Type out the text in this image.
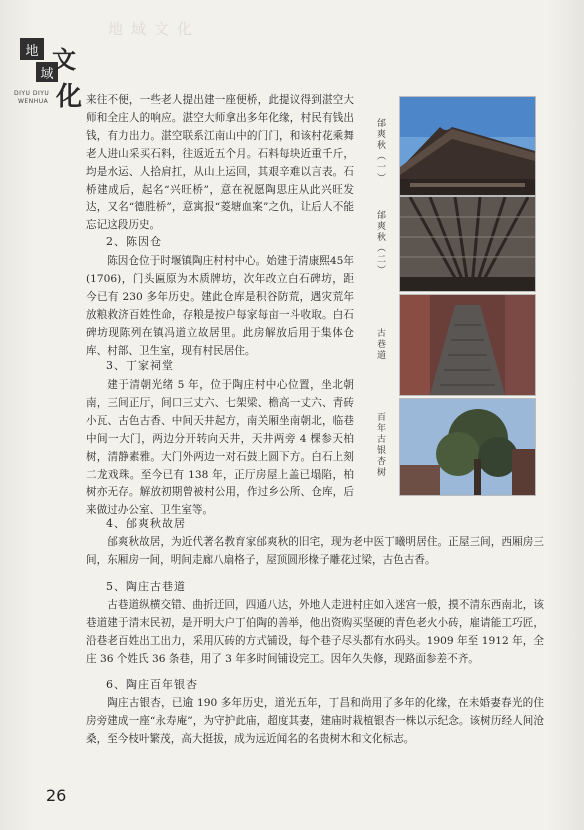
地域文化
地
域
文
化
DIYU DIYU
WENHUA	来往不便，一些老人提出建一座便桥，此提议得到湛空大师和全庄人的响应。湛空大师拿出多年化缘，村民有钱出钱，有力出力。湛空联系江南山中的门门，和该村花乘舞老人进山采买石料，往返近五个月。石料每块近重千斤，均是水运、人拾肩扛，从山上运回，其艰辛难以言表。石桥建成后，起名“兴旺桥”，意在祝愿陶思庄从此兴旺发达，又名“德胜桥”，意寓报“菱塘血案”之仇，让后人不能忘记这段历史。

2、陈因仓

陈因仓位于时堰镇陶庄村村中心。始建于清康熙45年(1706)，门头匾原为木质牌坊，次年改立白石碑坊，距今已有 230 多年历史。建此仓库是积谷防荒，遇灾荒年放粮救济百姓性命，存粮是按户每家每亩一斗收取。白石碑坊现陈列在镇冯道立故居里。此房解放后用于集体仓库、村部、卫生室，现有村民居住。

3、丁家祠堂

建于清朝光绪 5 年，位于陶庄村中心位置，坐北朝南，三间正厅，间口三丈六、七架梁、檐高一丈六、青砖小瓦、古色古香、中间天井起方，南关厢坐南朝北，临巷中间一大门，两边分开转向天井，天井两旁 4 棵参天柏树，清静素雅。大门外两边一对石鼓上圆下方。白石上刻二龙戏珠。至今已有 138 年，正厅房屋上盖已塌陷，柏树亦无存。解放初期曾被村公用，作过乡公所、仓库，后来做过办公室、卫生室等。

4、邰爽秋故居

邰爽秋故居，为近代著名教育家邰爽秋的旧宅，现为老中医丁曦明居住。正屋三间，西厢房三间，东厢房一间，明间走廊八扇格子，屋顶圆形椽子雕花过梁，古色古香。

5、陶庄古巷道

古巷道纵横交错、曲折迂回，四通八达，外地人走进村庄如入迷宫一般，摸不清东西南北，该巷道建于清末民初，是开明大户丁伯陶的善举，他出资购买坚硬的青色老火小砖，雇请能工巧匠，沿巷老百姓出工出力，采用仄砖的方式铺设，每个巷子尽头都有水码头。1909 年至 1912 年，全庄 36 个姓氏 36 条巷，用了 3 年多时间铺设完工。因年久失修，现路面参差不齐。

6、陶庄百年银杏

陶庄古银杏，已逾 190 多年历史，道光五年，丁昌和尚用了多年的化缘，在未婚妻春光的住房旁建成一座“永寿庵”，为守护此庙，超度其妻，建庙时栽植银杏一株以示纪念。该树历经人间沧桑，至今枝叶繁茂，高大挺拔，成为远近闻名的名贵树木和文化标志。

邰爽秋（一）
邰爽秋（二）
古巷道
百年古银杏树
26
